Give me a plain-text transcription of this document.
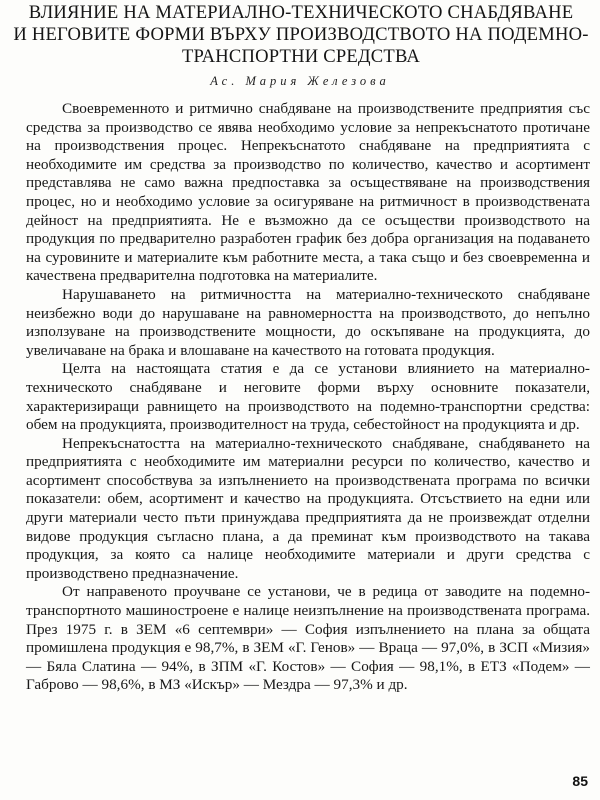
ВЛИЯНИЕ НА МАТЕРИАЛНО-ТЕХНИЧЕСКОТО СНАБДЯВАНЕ
И НЕГОВИТЕ ФОРМИ ВЪРХУ ПРОИЗВОДСТВОТО НА ПОДЕМНО-
ТРАНСПОРТНИ СРЕДСТВА
Ас. Мария Железова

Своевременното и ритмично снабдяване на производствените предприятия със средства за производство се явява необходимо условие за непрекъснатото протичане на производствения процес. Непрекъснатото снабдяване на предприятията с необходимите им средства за производство по количество, качество и асортимент представлява не само важна предпоставка за осъществяване на производствения процес, но и необходимо условие за осигуряване на ритмичност в производствената дейност на предприятията. Не е възможно да се осъществи производството на продукция по предварително разработен график без добра организация на подаването на суровините и материалите към работните места, а така също и без своевременна и качествена предварителна подготовка на материалите.

Нарушаването на ритмичността на материално-техническото снабдяване неизбежно води до нарушаване на равномерността на производството, до непълно използуване на производствените мощности, до оскъпяване на продукцията, до увеличаване на брака и влошаване на качеството на готовата продукция.

Целта на настоящата статия е да се установи влиянието на материално-техническото снабдяване и неговите форми върху основните показатели, характеризиращи равнището на производството на подемно-транспортни средства: обем на продукцията, производителност на труда, себестойност на продукцията и др.

Непрекъснатостта на материално-техническото снабдяване, снабдяването на предприятията с необходимите им материални ресурси по количество, качество и асортимент способствува за изпълнението на производствената програма по всички показатели: обем, асортимент и качество на продукцията. Отсъствието на едни или други материали често пъти принуждава предприятията да не произвеждат отделни видове продукция съгласно плана, а да преминат към производството на такава продукция, за която са налице необходимите материали и други средства с производствено предназначение.

От направеното проучване се установи, че в редица от заводите на подемно-транспортното машиностроене е налице неизпълнение на производствената програма. През 1975 г. в ЗЕМ «6 септември» — София изпълнението на плана за общата промишлена продукция е 98,7%, в ЗЕМ «Г. Генов» — Враца — 97,0%, в ЗСП «Мизия» — Бяла Слатина — 94%, в ЗПМ «Г. Костов» — София — 98,1%, в ЕТЗ «Подем» — Габрово — 98,6%, в МЗ «Искър» — Мездра — 97,3% и др.

85
